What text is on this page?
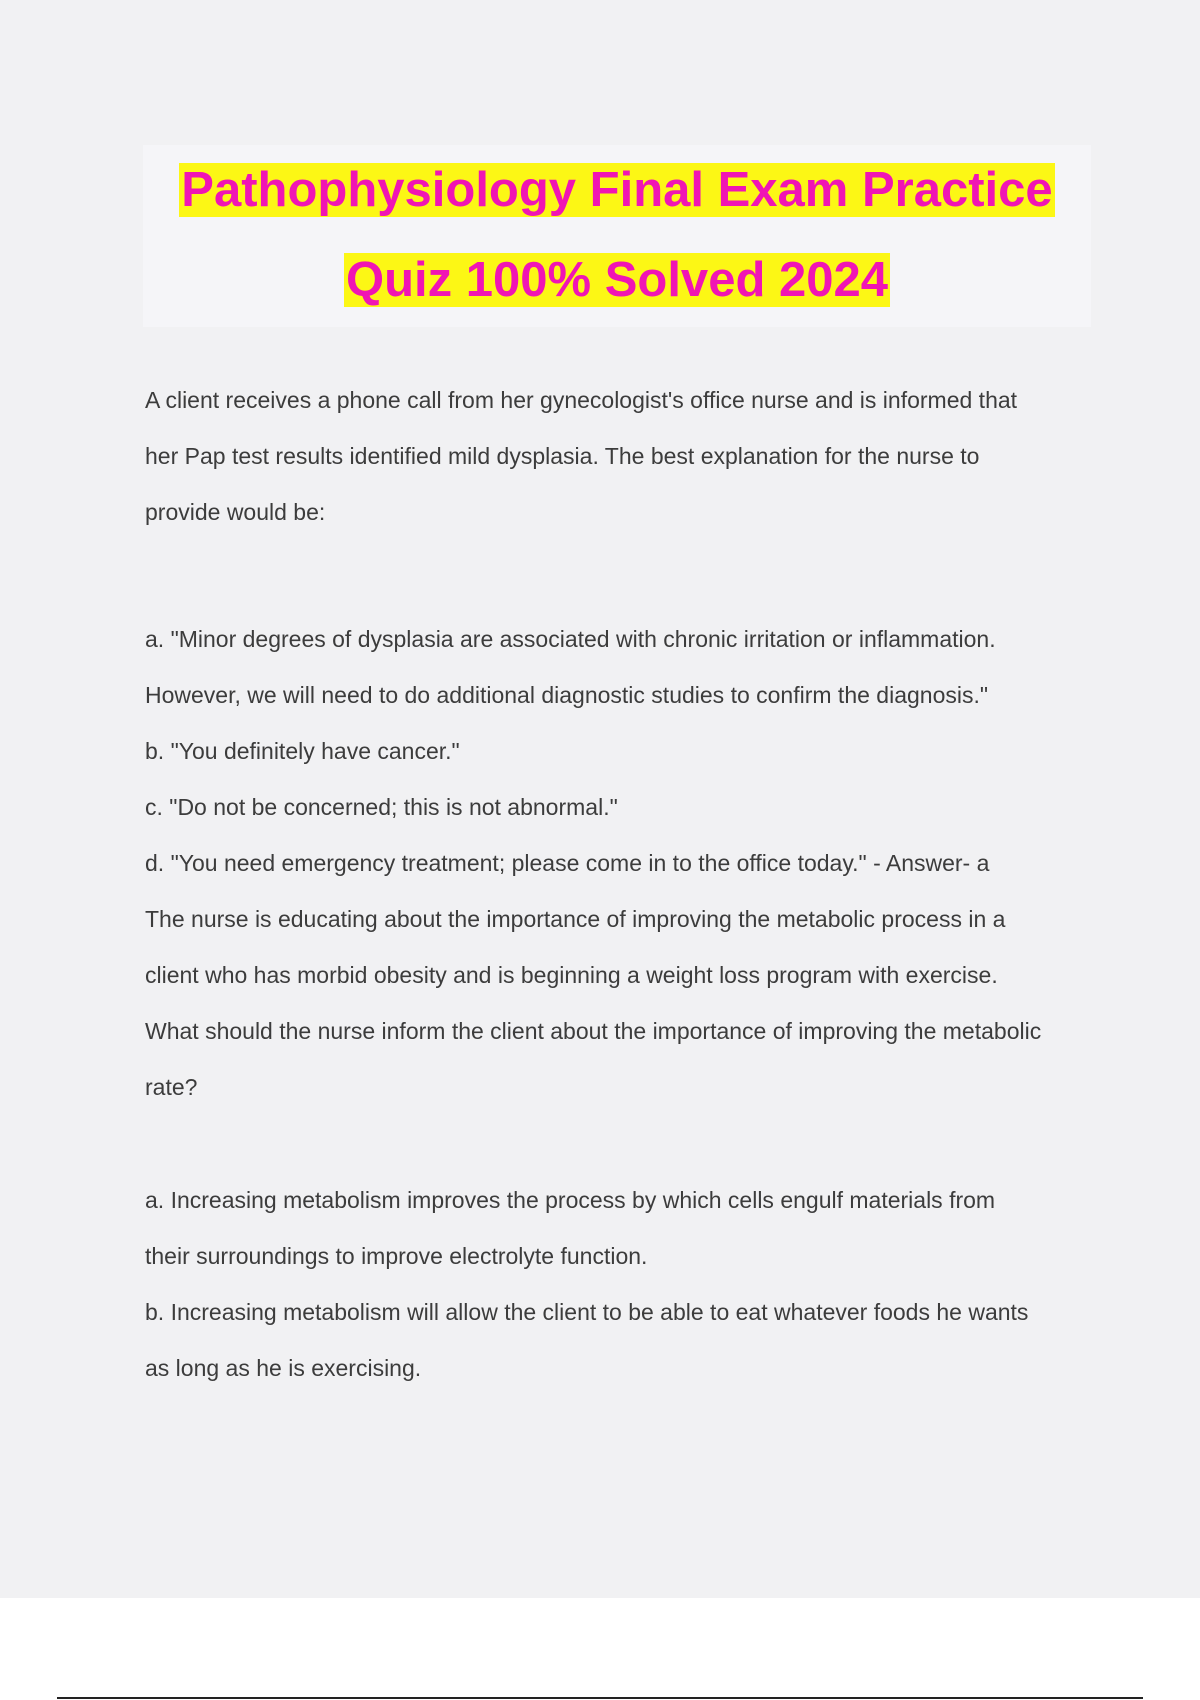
Pathophysiology Final Exam Practice
Quiz 100% Solved 2024

A client receives a phone call from her gynecologist's office nurse and is informed that

her Pap test results identified mild dysplasia. The best explanation for the nurse to

provide would be:

a. "Minor degrees of dysplasia are associated with chronic irritation or inflammation.

However, we will need to do additional diagnostic studies to confirm the diagnosis."

b. "You definitely have cancer."

c. "Do not be concerned; this is not abnormal."

d. "You need emergency treatment; please come in to the office today." - Answer- a

The nurse is educating about the importance of improving the metabolic process in a

client who has morbid obesity and is beginning a weight loss program with exercise.

What should the nurse inform the client about the importance of improving the metabolic

rate?

a. Increasing metabolism improves the process by which cells engulf materials from

their surroundings to improve electrolyte function.

b. Increasing metabolism will allow the client to be able to eat whatever foods he wants

as long as he is exercising.
